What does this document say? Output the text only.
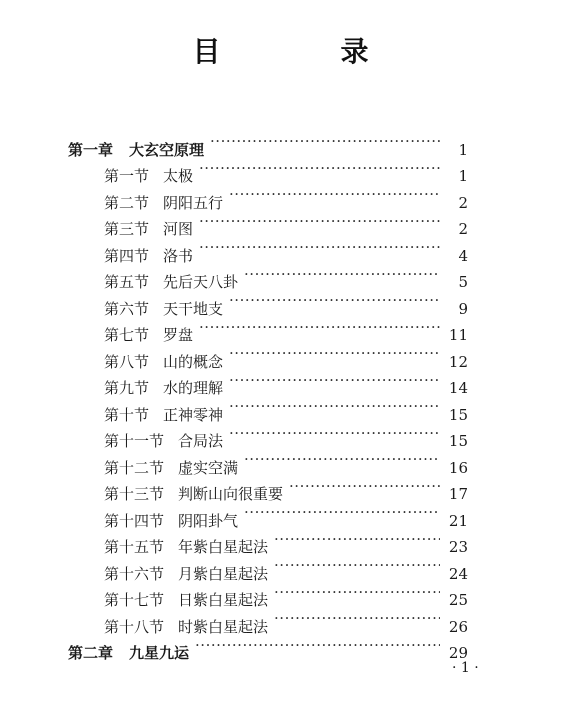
目　录
第一章 大玄空原理 ·····	1
第一节 太极 ·····	1
第二节 阴阳五行 ·····	2
第三节 河图 ·····	2
第四节 洛书 ·····	4
第五节 先后天八卦 ·····	5
第六节 天干地支 ·····	9
第七节 罗盘 ·····	11
第八节 山的概念 ·····	12
第九节 水的理解 ·····	14
第十节 正神零神 ·····	15
第十一节 合局法 ·····	15
第十二节 虚实空满 ·····	16
第十三节 判断山向很重要 ·····	17
第十四节 阴阳卦气 ·····	21
第十五节 年紫白星起法 ·····	23
第十六节 月紫白星起法 ·····	24
第十七节 日紫白星起法 ·····	25
第十八节 时紫白星起法 ·····	26
第二章 九星九运 ·····	29
· 1 ·
